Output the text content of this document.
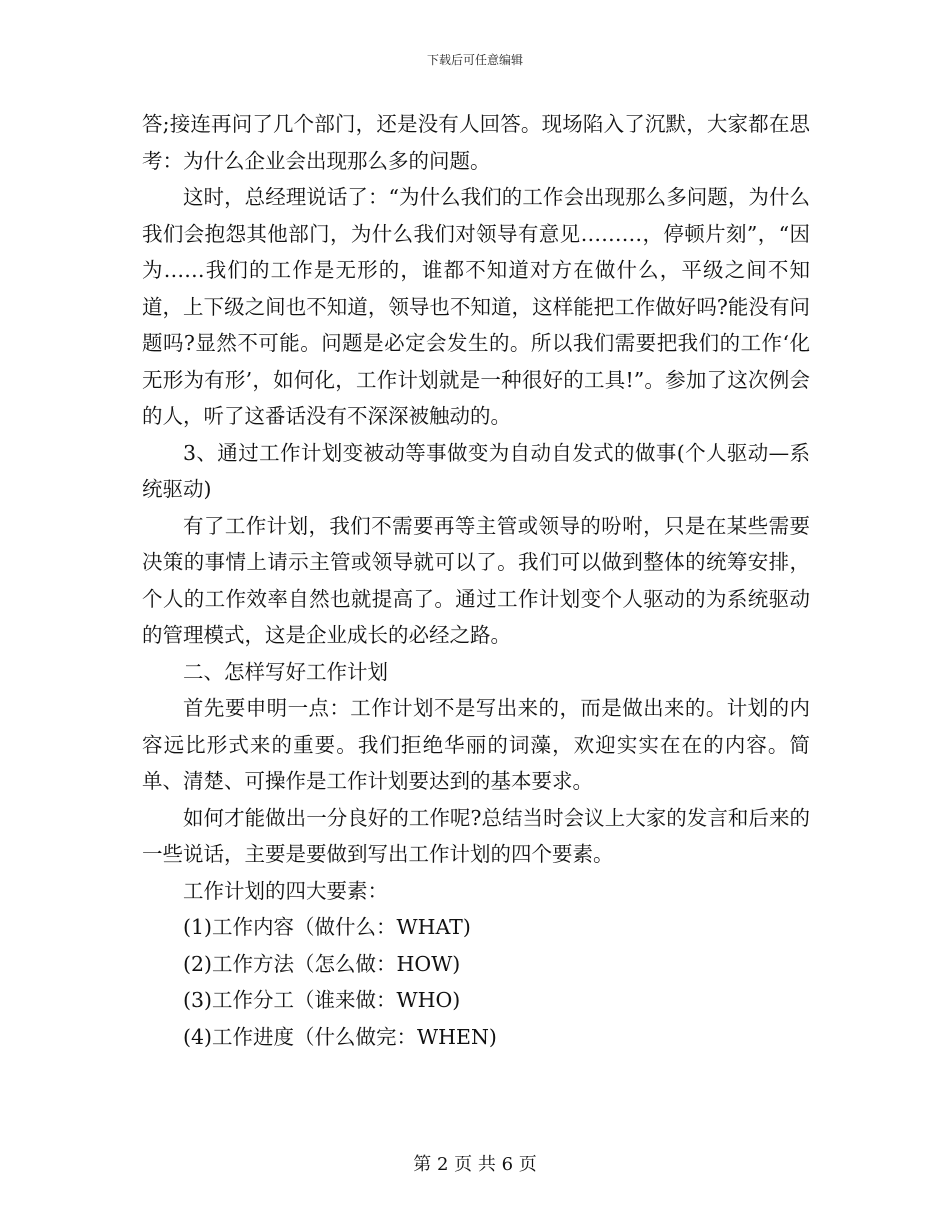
下载后可任意编辑

答;接连再问了几个部门，还是没有人回答。现场陷入了沉默，大家都在思考：为什么企业会出现那么多的问题。

这时，总经理说话了：“为什么我们的工作会出现那么多问题，为什么我们会抱怨其他部门，为什么我们对领导有意见………，停顿片刻”，“因为……我们的工作是无形的，谁都不知道对方在做什么，平级之间不知道，上下级之间也不知道，领导也不知道，这样能把工作做好吗?能没有问题吗?显然不可能。问题是必定会发生的。所以我们需要把我们的工作‘化无形为有形’，如何化，工作计划就是一种很好的工具!”。参加了这次例会的人，听了这番话没有不深深被触动的。

3、通过工作计划变被动等事做变为自动自发式的做事(个人驱动—系统驱动)

有了工作计划，我们不需要再等主管或领导的吩咐，只是在某些需要决策的事情上请示主管或领导就可以了。我们可以做到整体的统筹安排，个人的工作效率自然也就提高了。通过工作计划变个人驱动的为系统驱动的管理模式，这是企业成长的必经之路。

二、怎样写好工作计划

首先要申明一点：工作计划不是写出来的，而是做出来的。计划的内容远比形式来的重要。我们拒绝华丽的词藻，欢迎实实在在的内容。简单、清楚、可操作是工作计划要达到的基本要求。

如何才能做出一分良好的工作呢?总结当时会议上大家的发言和后来的一些说话，主要是要做到写出工作计划的四个要素。

工作计划的四大要素：

(1)工作内容（做什么：WHAT)

(2)工作方法（怎么做：HOW)

(3)工作分工（谁来做：WHO)

(4)工作进度（什么做完：WHEN)

第 2 页 共 6 页
